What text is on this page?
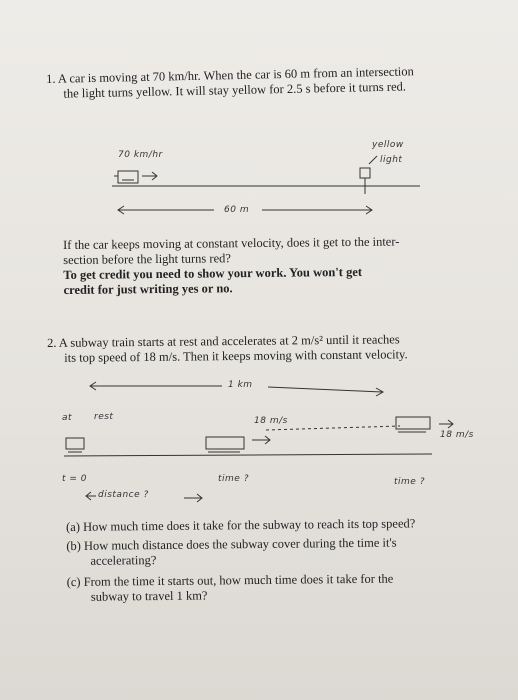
1. A car is moving at 70 km/hr. When the car is 60 m from an intersection
the light turns yellow. It will stay yellow for 2.5 s before it turns red.
70 km/hr
yellow
light
60 m
If the car keeps moving at constant velocity, does it get to the inter-
section before the light turns red?
To get credit you need to show your work. You won't get
credit for just writing yes or no.
2. A subway train starts at rest and accelerates at 2 m/s² until it reaches
its top speed of 18 m/s. Then it keeps moving with constant velocity.
1 km
at rest	18 m/s
18 m/s
t = 0	time ?	time ?
distance ?
(a) How much time does it take for the subway to reach its top speed?
(b) How much distance does the subway cover during the time it's
accelerating?
(c) From the time it starts out, how much time does it take for the
subway to travel 1 km?
